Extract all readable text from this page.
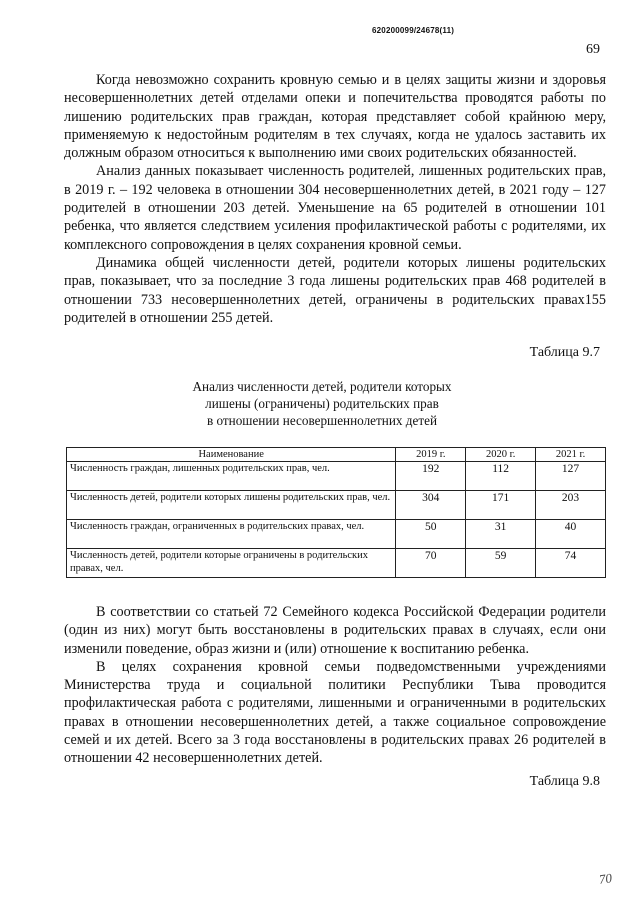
620200099/24678(11)
69

Когда невозможно сохранить кровную семью и в целях защиты жизни и здоровья несовершеннолетних детей отделами опеки и попечительства проводятся работы по лишению родительских прав граждан, которая представляет собой крайнюю меру, применяемую к недостойным родителям в тех случаях, когда не удалось заставить их должным образом относиться к выполнению ими своих родительских обязанностей.

Анализ данных показывает численность родителей, лишенных родительских прав, в 2019 г. – 192 человека в отношении 304 несовершеннолетних детей, в 2021 году – 127 родителей в отношении 203 детей. Уменьшение на 65 родителей в отношении 101 ребенка, что является следствием усиления профилактической работы с родителями, их комплексного сопровождения в целях сохранения кровной семьи.

Динамика общей численности детей, родители которых лишены родительских прав, показывает, что за последние 3 года лишены родительских прав 468 родителей в отношении 733 несовершеннолетних детей, ограничены в родительских правах155 родителей в отношении 255 детей.

Таблица 9.7
Анализ численности детей, родители которых
лишены (ограничены) родительских прав
в отношении несовершеннолетних детей
Наименование	2019 г.	2020 г.	2021 г.
Численность граждан, лишенных родительских прав, чел.	192	112	127
Численность детей, родители которых лишены родительских прав, чел.	304	171	203
Численность граждан, ограниченных в родительских правах, чел.	50	31	40
Численность детей, родители которые ограничены в родительских правах, чел.	70	59	74

В соответствии со статьей 72 Семейного кодекса Российской Федерации родители (один из них) могут быть восстановлены в родительских правах в случаях, если они изменили поведение, образ жизни и (или) отношение к воспитанию ребенка.

В целях сохранения кровной семьи подведомственными учреждениями Министерства труда и социальной политики Республики Тыва проводится профилактическая работа с родителями, лишенными и ограниченными в родительских правах в отношении несовершеннолетних детей, а также социальное сопровождение семей и их детей. Всего за 3 года восстановлены в родительских правах 26 родителей в отношении 42 несовершеннолетних детей.

Таблица 9.8
70
